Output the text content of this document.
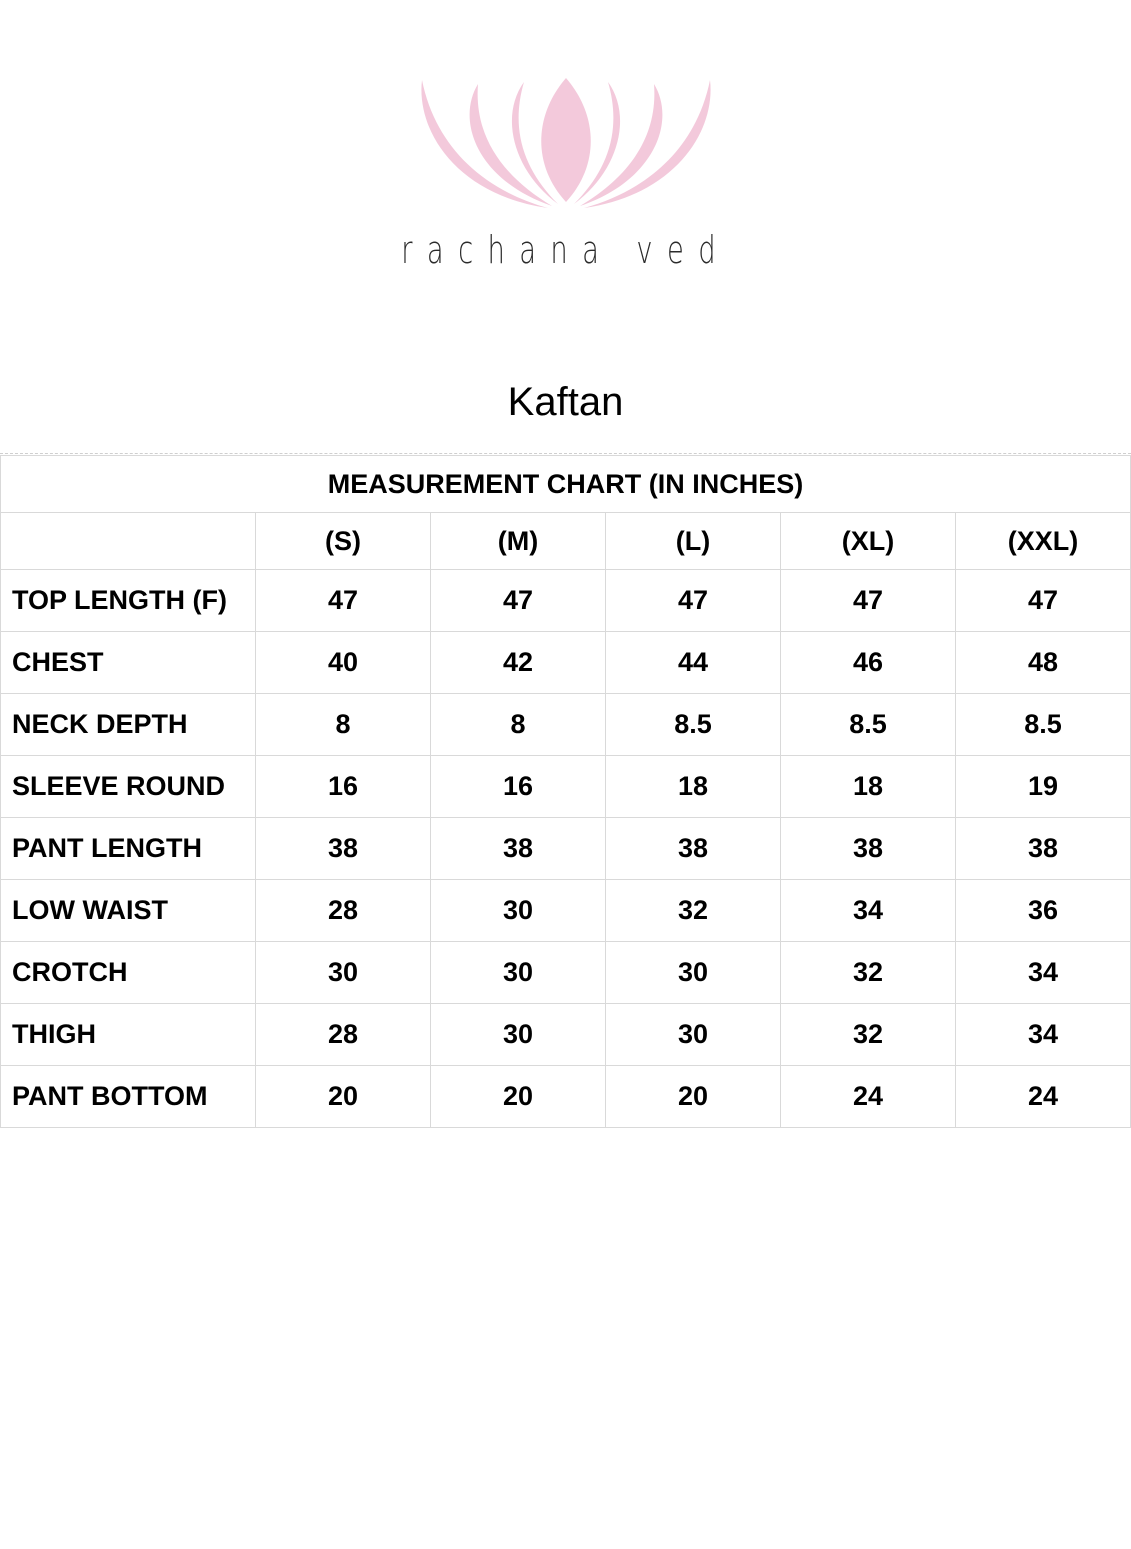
rachana ved
Kaftan
MEASUREMENT CHART (IN INCHES)					
	(S)	(M)	(L)	(XL)	(XXL)
TOP LENGTH (F)	47	47	47	47	47
CHEST	40	42	44	46	48
NECK DEPTH	8	8	8.5	8.5	8.5
SLEEVE ROUND	16	16	18	18	19
PANT LENGTH	38	38	38	38	38
LOW WAIST	28	30	32	34	36
CROTCH	30	30	30	32	34
THIGH	28	30	30	32	34
PANT BOTTOM	20	20	20	24	24
